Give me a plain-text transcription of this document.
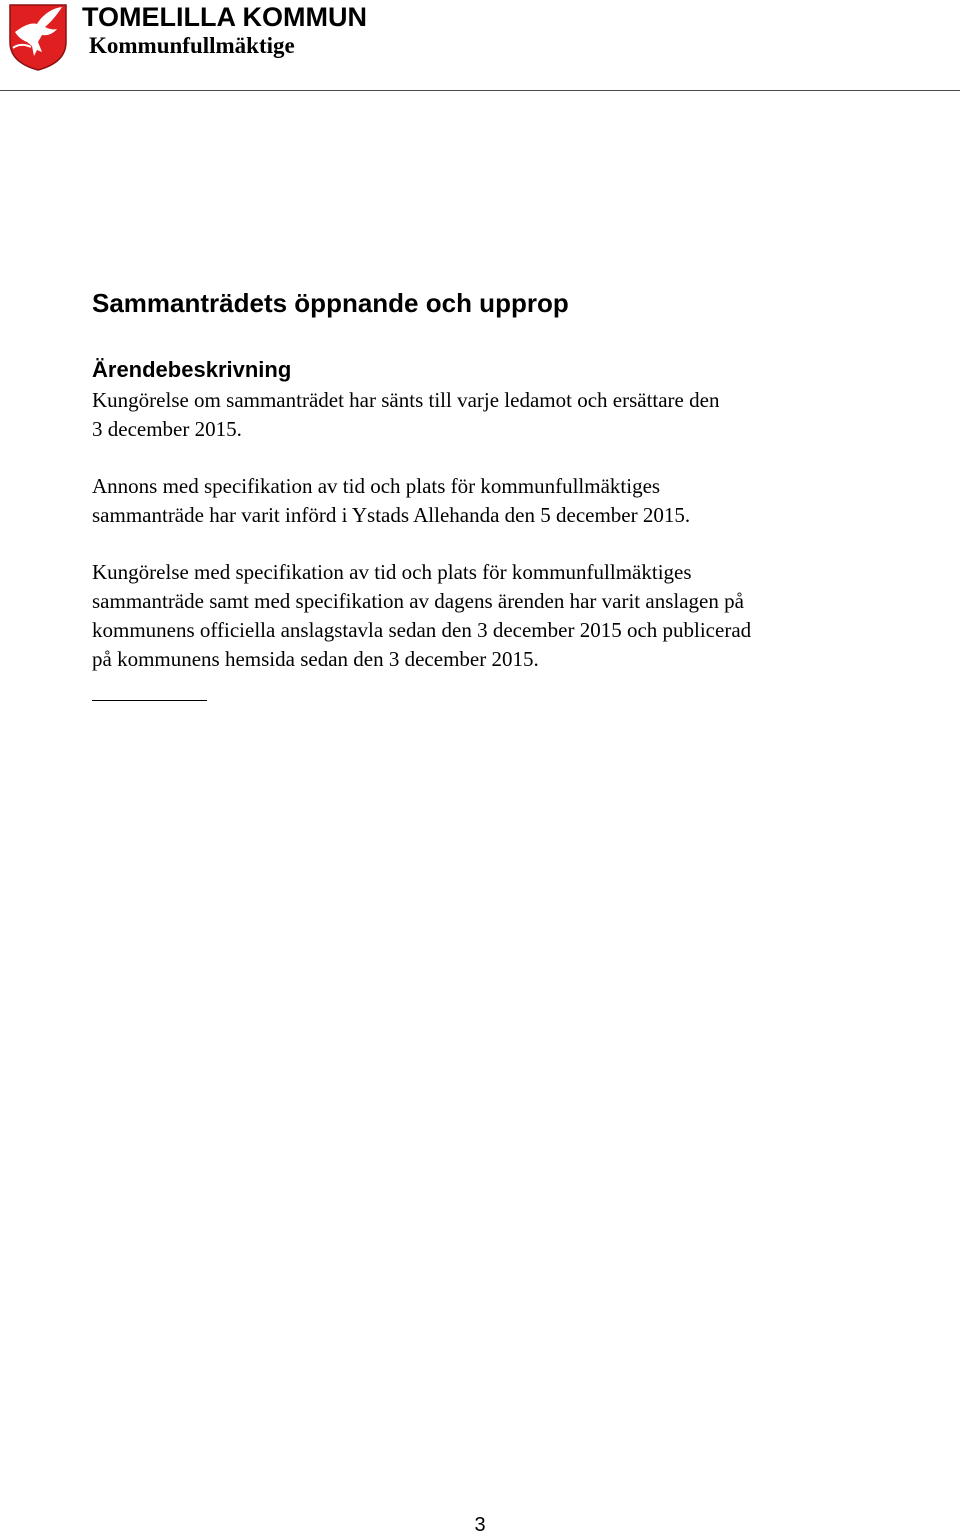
TOMELILLA KOMMUN
Kommunfullmäktige
Sammanträdets öppnande och upprop
Ärendebeskrivning

Kungörelse om sammanträdet har sänts till varje ledamot och ersättare den
3 december 2015.

Annons med specifikation av tid och plats för kommunfullmäktiges
sammanträde har varit införd i Ystads Allehanda den 5 december 2015.

Kungörelse med specifikation av tid och plats för kommunfullmäktiges
sammanträde samt med specifikation av dagens ärenden har varit anslagen på
kommunens officiella anslagstavla sedan den 3 december 2015 och publicerad
på kommunens hemsida sedan den 3 december 2015.

3
